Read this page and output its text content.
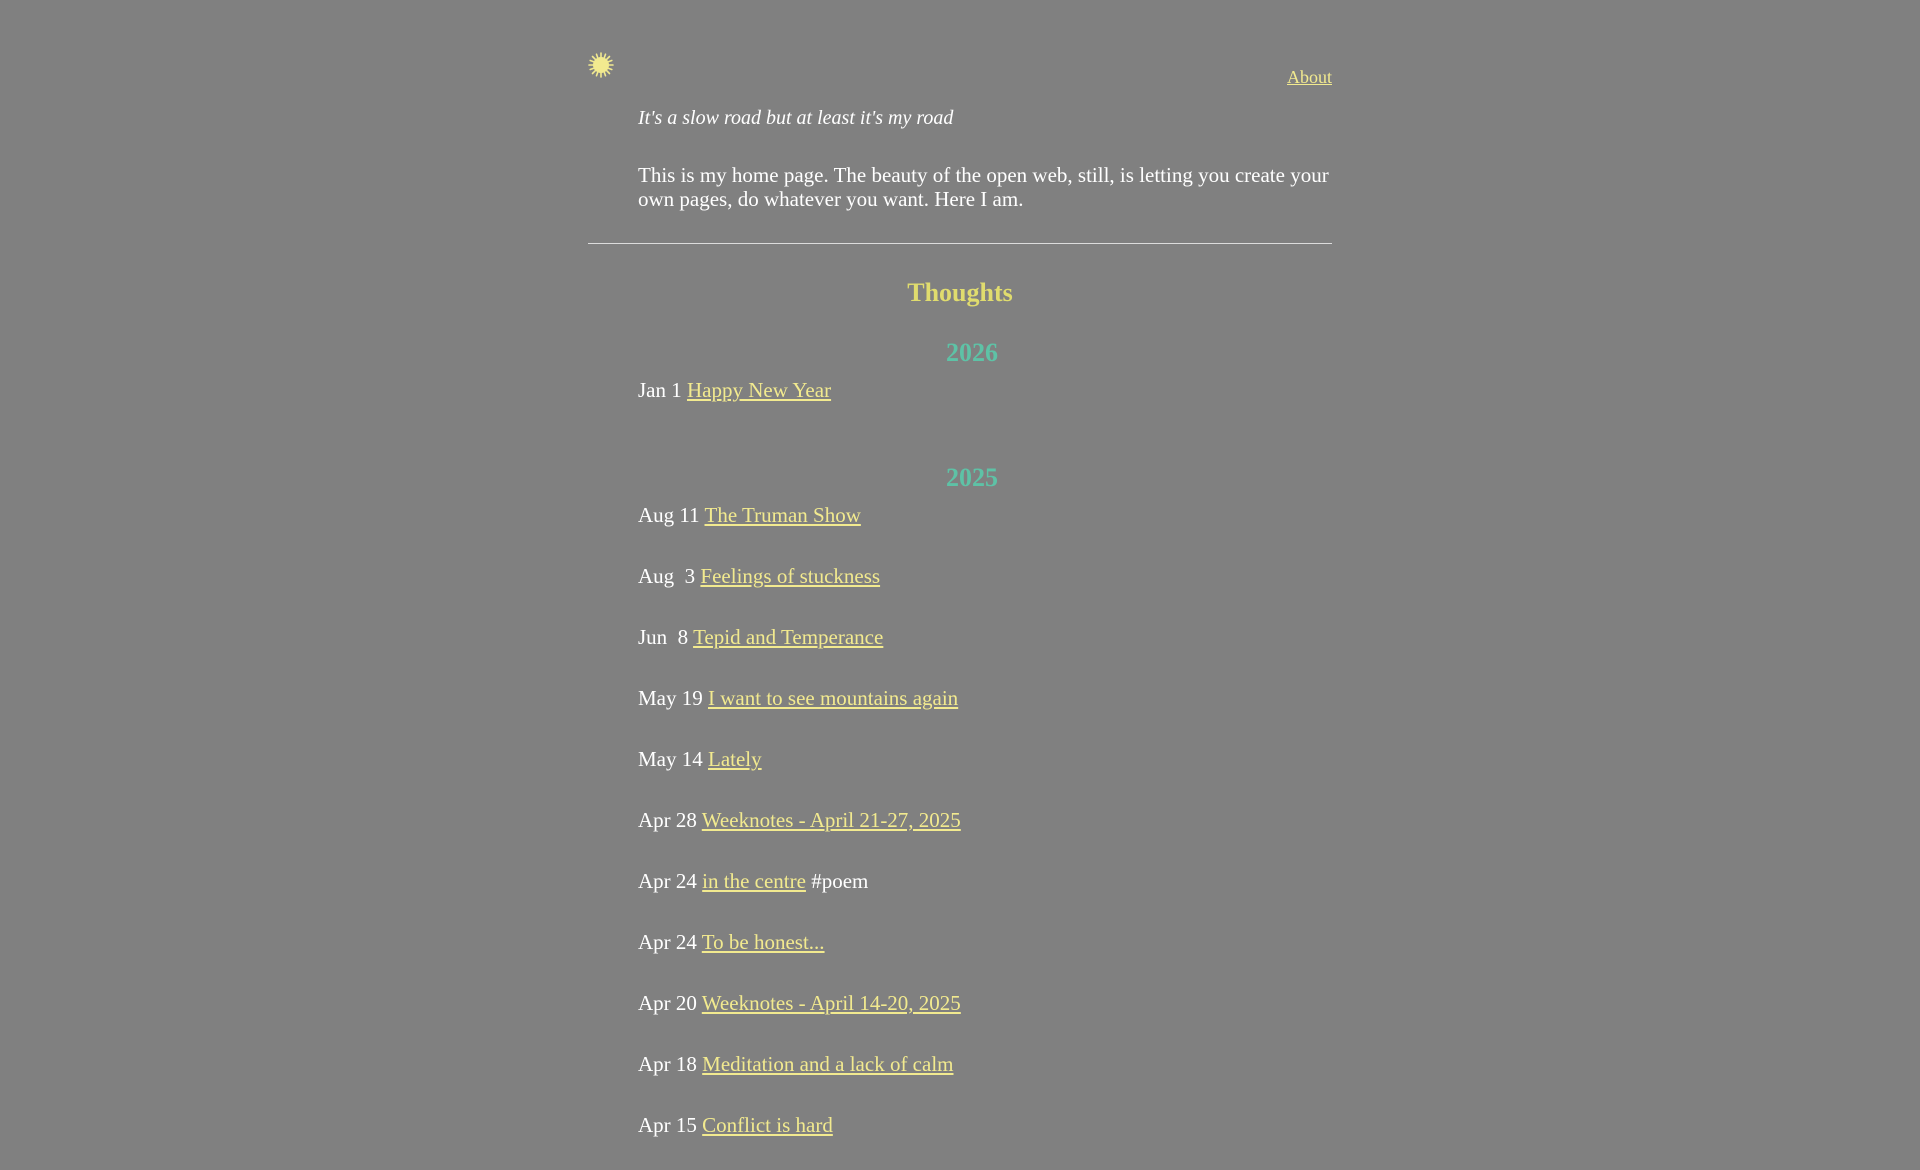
About

It's a slow road but at least it's my road

This is my home page. The beauty of the open web, still, is letting you create your own pages, do whatever you want. Here I am.

Thoughts
2026
Jan 1 Happy New Year
2025
Aug 11 The Truman Show
Aug  3 Feelings of stuckness
Jun  8 Tepid and Temperance
May 19 I want to see mountains again
May 14 Lately
Apr 28 Weeknotes - April 21-27, 2025
Apr 24 in the centre #poem
Apr 24 To be honest...
Apr 20 Weeknotes - April 14-20, 2025
Apr 18 Meditation and a lack of calm
Apr 15 Conflict is hard
